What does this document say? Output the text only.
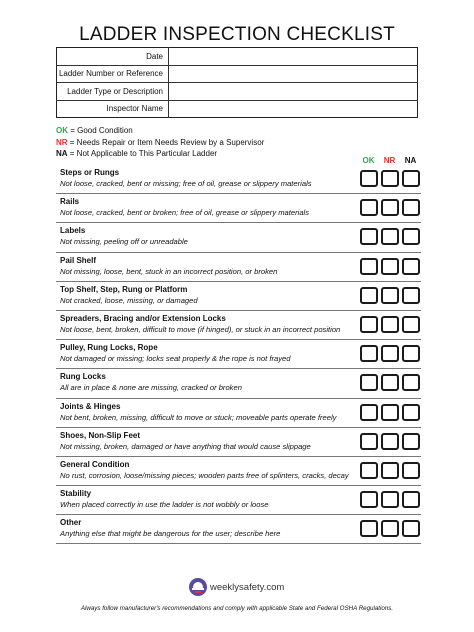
LADDER INSPECTION CHECKLIST
Date	
Ladder Number or Reference	
Ladder Type or Description	
Inspector Name	
OK = Good Condition
NR = Needs Repair or Item Needs Review by a Supervisor
NA = Not Applicable to This Particular Ladder
OK	NR	NA
Steps or Rungs
Not loose, cracked, bent or missing; free of oil, grease or slippery materials
Rails
Not loose, cracked, bent or broken; free of oil, grease or slippery materials
Labels
Not missing, peeling off or unreadable
Pail Shelf
Not missing, loose, bent, stuck in an incorrect position, or broken
Top Shelf, Step, Rung or Platform
Not cracked, loose, missing, or damaged
Spreaders, Bracing and/or Extension Locks
Not loose, bent, broken, difficult to move (if hinged), or stuck in an incorrect position
Pulley, Rung Locks, Rope
Not damaged or missing; locks seat properly & the rope is not frayed
Rung Locks
All are in place & none are missing, cracked or broken
Joints & Hinges
Not bent, broken, missing, difficult to move or stuck; moveable parts operate freely
Shoes, Non-Slip Feet
Not missing, broken, damaged or have anything that would cause slippage
General Condition
No rust, corrosion, loose/missing pieces; wooden parts free of splinters, cracks, decay
Stability
When placed correctly in use the ladder is not wobbly or loose
Other
Anything else that might be dangerous for the user; describe here
weeklysafety.com
Always follow manufacturer's recommendations and comply with applicable State and Federal OSHA Regulations.
